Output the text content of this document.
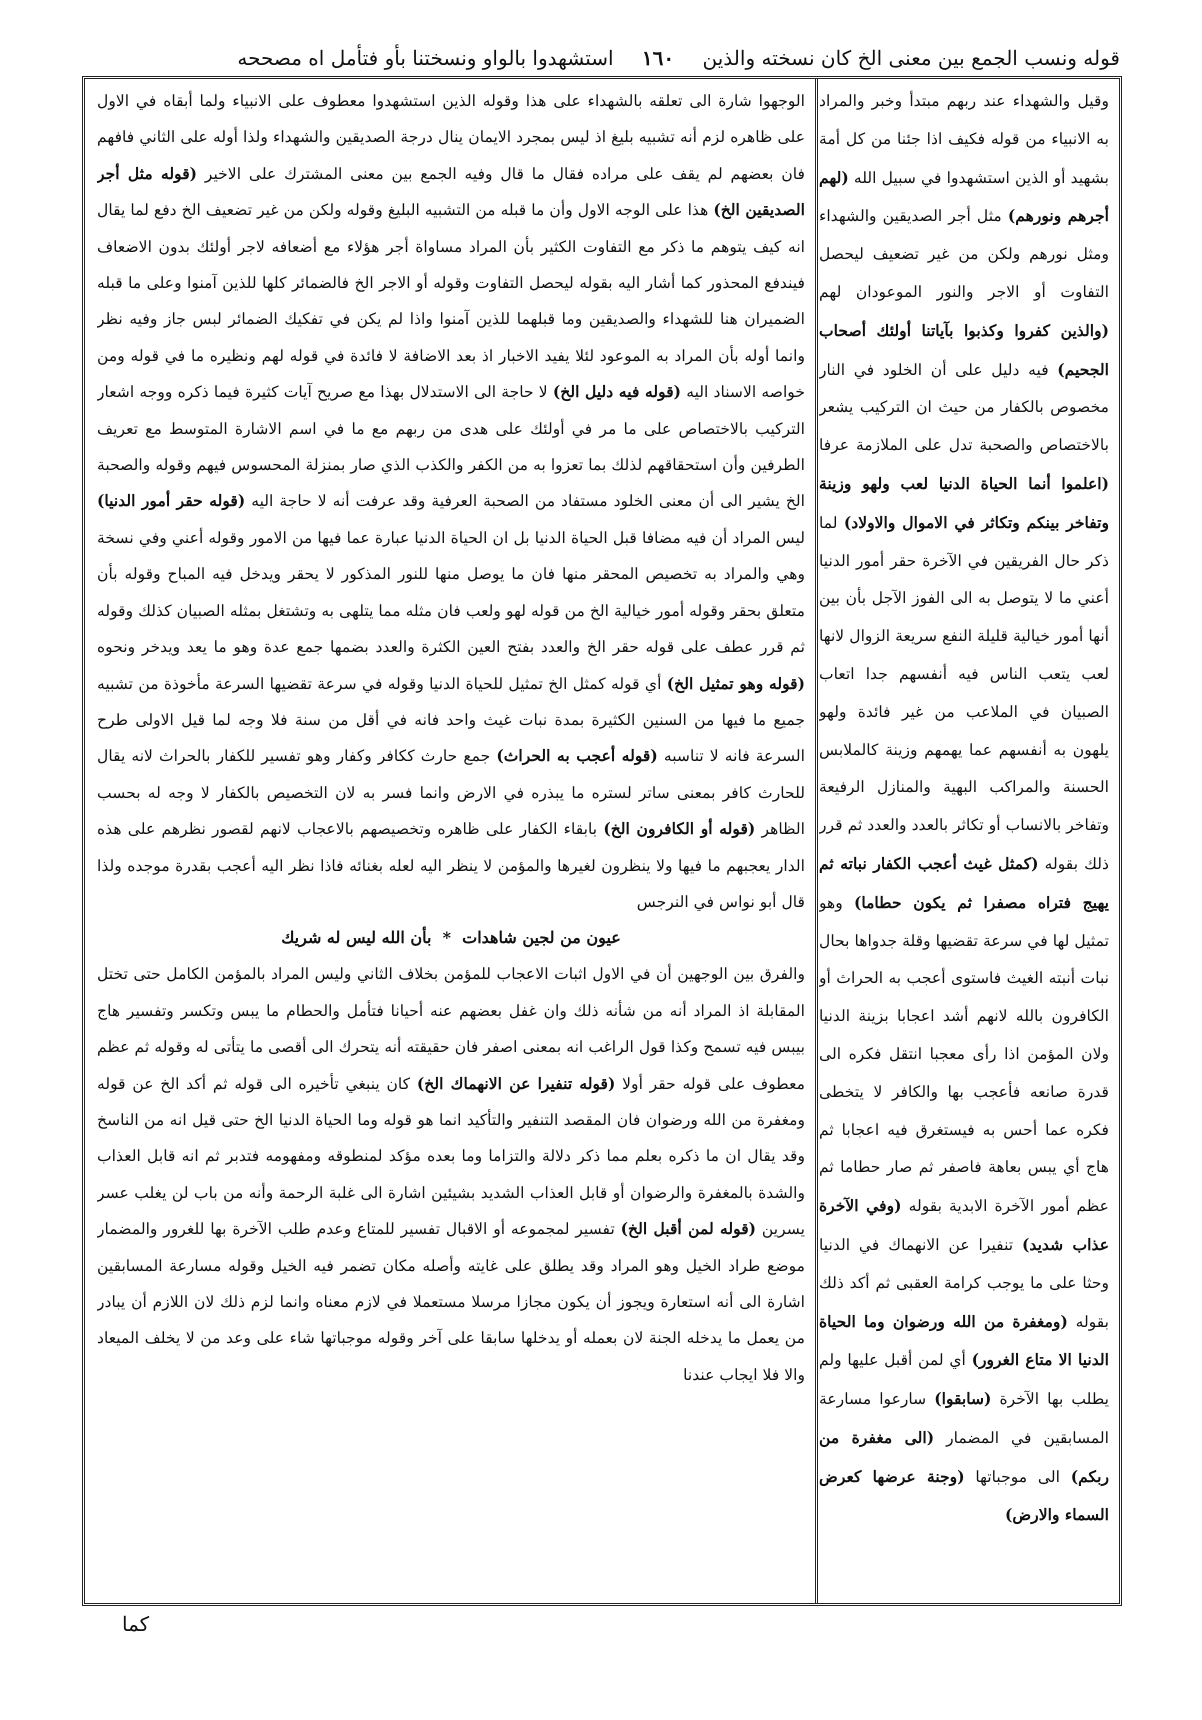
قوله ونسب الجمع بين معنى الخ كان نسخته والذين ١٦٠ استشهدوا بالواو ونسختنا بأو فتأمل اه مصححه

وقيل والشهداء عند ربهم مبتدأ وخبر والمراد به الانبياء من قوله فكيف اذا جئنا من كل أمة بشهيد أو الذين استشهدوا في سبيل الله (لهم أجرهم ونورهم) مثل أجر الصديقين والشهداء ومثل نورهم ولكن من غير تضعيف ليحصل التفاوت أو الاجر والنور الموعودان لهم (والذين كفروا وكذبوا بآياتنا أولئك أصحاب الجحيم) فيه دليل على أن الخلود في النار مخصوص بالكفار من حيث ان التركيب يشعر بالاختصاص والصحبة تدل على الملازمة عرفا (اعلموا أنما الحياة الدنيا لعب ولهو وزينة وتفاخر بينكم وتكاثر في الاموال والاولاد) لما ذكر حال الفريقين في الآخرة حقر أمور الدنيا أعني ما لا يتوصل به الى الفوز الآجل بأن بين أنها أمور خيالية قليلة النفع سريعة الزوال لانها لعب يتعب الناس فيه أنفسهم جدا اتعاب الصبيان في الملاعب من غير فائدة ولهو يلهون به أنفسهم عما يهمهم وزينة كالملابس الحسنة والمراكب البهية والمنازل الرفيعة وتفاخر بالانساب أو تكاثر بالعدد والعدد ثم قرر ذلك بقوله (كمثل غيث أعجب الكفار نباته ثم يهيج فتراه مصفرا ثم يكون حطاما) وهو تمثيل لها في سرعة تقضيها وقلة جدواها بحال نبات أنبته الغيث فاستوى أعجب به الحراث أو الكافرون بالله لانهم أشد اعجابا بزينة الدنيا ولان المؤمن اذا رأى معجبا انتقل فكره الى قدرة صانعه فأعجب بها والكافر لا يتخطى فكره عما أحس به فيستغرق فيه اعجابا ثم هاج أي يبس بعاهة فاصفر ثم صار حطاما ثم عظم أمور الآخرة الابدية بقوله (وفي الآخرة عذاب شديد) تنفيرا عن الانهماك في الدنيا وحثا على ما يوجب كرامة العقبى ثم أكد ذلك بقوله (ومغفرة من الله ورضوان وما الحياة الدنيا الا متاع الغرور) أي لمن أقبل عليها ولم يطلب بها الآخرة (سابقوا) سارعوا مسارعة المسابقين في المضمار (الى مغفرة من ربكم) الى موجباتها (وجنة عرضها كعرض السماء والارض)

الوجهوا شارة الى تعلقه بالشهداء على هذا وقوله الذين استشهدوا معطوف على الانبياء ولما أبقاه في الاول على ظاهره لزم أنه تشبيه بليغ اذ ليس بمجرد الايمان ينال درجة الصديقين والشهداء ولذا أوله على الثاني فافهم فان بعضهم لم يقف على مراده فقال ما قال وفيه الجمع بين معنى المشترك على الاخير (قوله مثل أجر الصديقين الخ) هذا على الوجه الاول وأن ما قبله من التشبيه البليغ وقوله ولكن من غير تضعيف الخ دفع لما يقال انه كيف يتوهم ما ذكر مع التفاوت الكثير بأن المراد مساواة أجر هؤلاء مع أضعافه لاجر أولئك بدون الاضعاف فيندفع المحذور كما أشار اليه بقوله ليحصل التفاوت وقوله أو الاجر الخ فالضمائر كلها للذين آمنوا وعلى ما قبله الضميران هنا للشهداء والصديقين وما قبلهما للذين آمنوا واذا لم يكن في تفكيك الضمائر لبس جاز وفيه نظر وانما أوله بأن المراد به الموعود لئلا يفيد الاخبار اذ بعد الاضافة لا فائدة في قوله لهم ونظيره ما في قوله ومن خواصه الاسناد اليه (قوله فيه دليل الخ) لا حاجة الى الاستدلال بهذا مع صريح آيات كثيرة فيما ذكره ووجه اشعار التركيب بالاختصاص على ما مر في أولئك على هدى من ربهم مع ما في اسم الاشارة المتوسط مع تعريف الطرفين وأن استحقاقهم لذلك بما تعزوا به من الكفر والكذب الذي صار بمنزلة المحسوس فيهم وقوله والصحبة الخ يشير الى أن معنى الخلود مستفاد من الصحبة العرفية وقد عرفت أنه لا حاجة اليه (قوله حقر أمور الدنيا) ليس المراد أن فيه مضافا قبل الحياة الدنيا بل ان الحياة الدنيا عبارة عما فيها من الامور وقوله أعني وفي نسخة وهي والمراد به تخصيص المحقر منها فان ما يوصل منها للنور المذكور لا يحقر ويدخل فيه المباح وقوله بأن متعلق بحقر وقوله أمور خيالية الخ من قوله لهو ولعب فان مثله مما يتلهى به وتشتغل بمثله الصبيان كذلك وقوله ثم قرر عطف على قوله حقر الخ والعدد بفتح العين الكثرة والعدد بضمها جمع عدة وهو ما يعد ويدخر ونحوه (قوله وهو تمثيل الخ) أي قوله كمثل الخ تمثيل للحياة الدنيا وقوله في سرعة تقضيها السرعة مأخوذة من تشبيه جميع ما فيها من السنين الكثيرة بمدة نبات غيث واحد فانه في أقل من سنة فلا وجه لما قيل الاولى طرح السرعة فانه لا تناسبه (قوله أعجب به الحراث) جمع حارث ككافر وكفار وهو تفسير للكفار بالحراث لانه يقال للحارث كافر بمعنى ساتر لستره ما يبذره في الارض وانما فسر به لان التخصيص بالكفار لا وجه له بحسب الظاهر (قوله أو الكافرون الخ) بابقاء الكفار على ظاهره وتخصيصهم بالاعجاب لانهم لقصور نظرهم على هذه الدار يعجبهم ما فيها ولا ينظرون لغيرها والمؤمن لا ينظر اليه لعله بغنائه فاذا نظر اليه أعجب بقدرة موجده ولذا قال أبو نواس في النرجس

عيون من لجين شاهدات  *  بأن الله ليس له شريك

والفرق بين الوجهين أن في الاول اثبات الاعجاب للمؤمن بخلاف الثاني وليس المراد بالمؤمن الكامل حتى تختل المقابلة اذ المراد أنه من شأنه ذلك وان غفل بعضهم عنه أحيانا فتأمل والحطام ما يبس وتكسر وتفسير هاج بيبس فيه تسمح وكذا قول الراغب انه بمعنى اصفر فان حقيقته أنه يتحرك الى أقصى ما يتأتى له وقوله ثم عظم معطوف على قوله حقر أولا (قوله تنفيرا عن الانهماك الخ) كان ينبغي تأخيره الى قوله ثم أكد الخ عن قوله ومغفرة من الله ورضوان فان المقصد التنفير والتأكيد انما هو قوله وما الحياة الدنيا الخ حتى قيل انه من الناسخ وقد يقال ان ما ذكره بعلم مما ذكر دلالة والتزاما وما بعده مؤكد لمنطوقه ومفهومه فتدبر ثم انه قابل العذاب والشدة بالمغفرة والرضوان أو قابل العذاب الشديد بشيئين اشارة الى غلبة الرحمة وأنه من باب لن يغلب عسر يسرين (قوله لمن أقبل الخ) تفسير لمجموعه أو الاقبال تفسير للمتاع وعدم طلب الآخرة بها للغرور والمضمار موضع طراد الخيل وهو المراد وقد يطلق على غايته وأصله مكان تضمر فيه الخيل وقوله مسارعة المسابقين اشارة الى أنه استعارة ويجوز أن يكون مجازا مرسلا مستعملا في لازم معناه وانما لزم ذلك لان اللازم أن يبادر من يعمل ما يدخله الجنة لان بعمله أو يدخلها سابقا على آخر وقوله موجباتها شاء على وعد من لا يخلف الميعاد والا فلا ايجاب عندنا

كما
